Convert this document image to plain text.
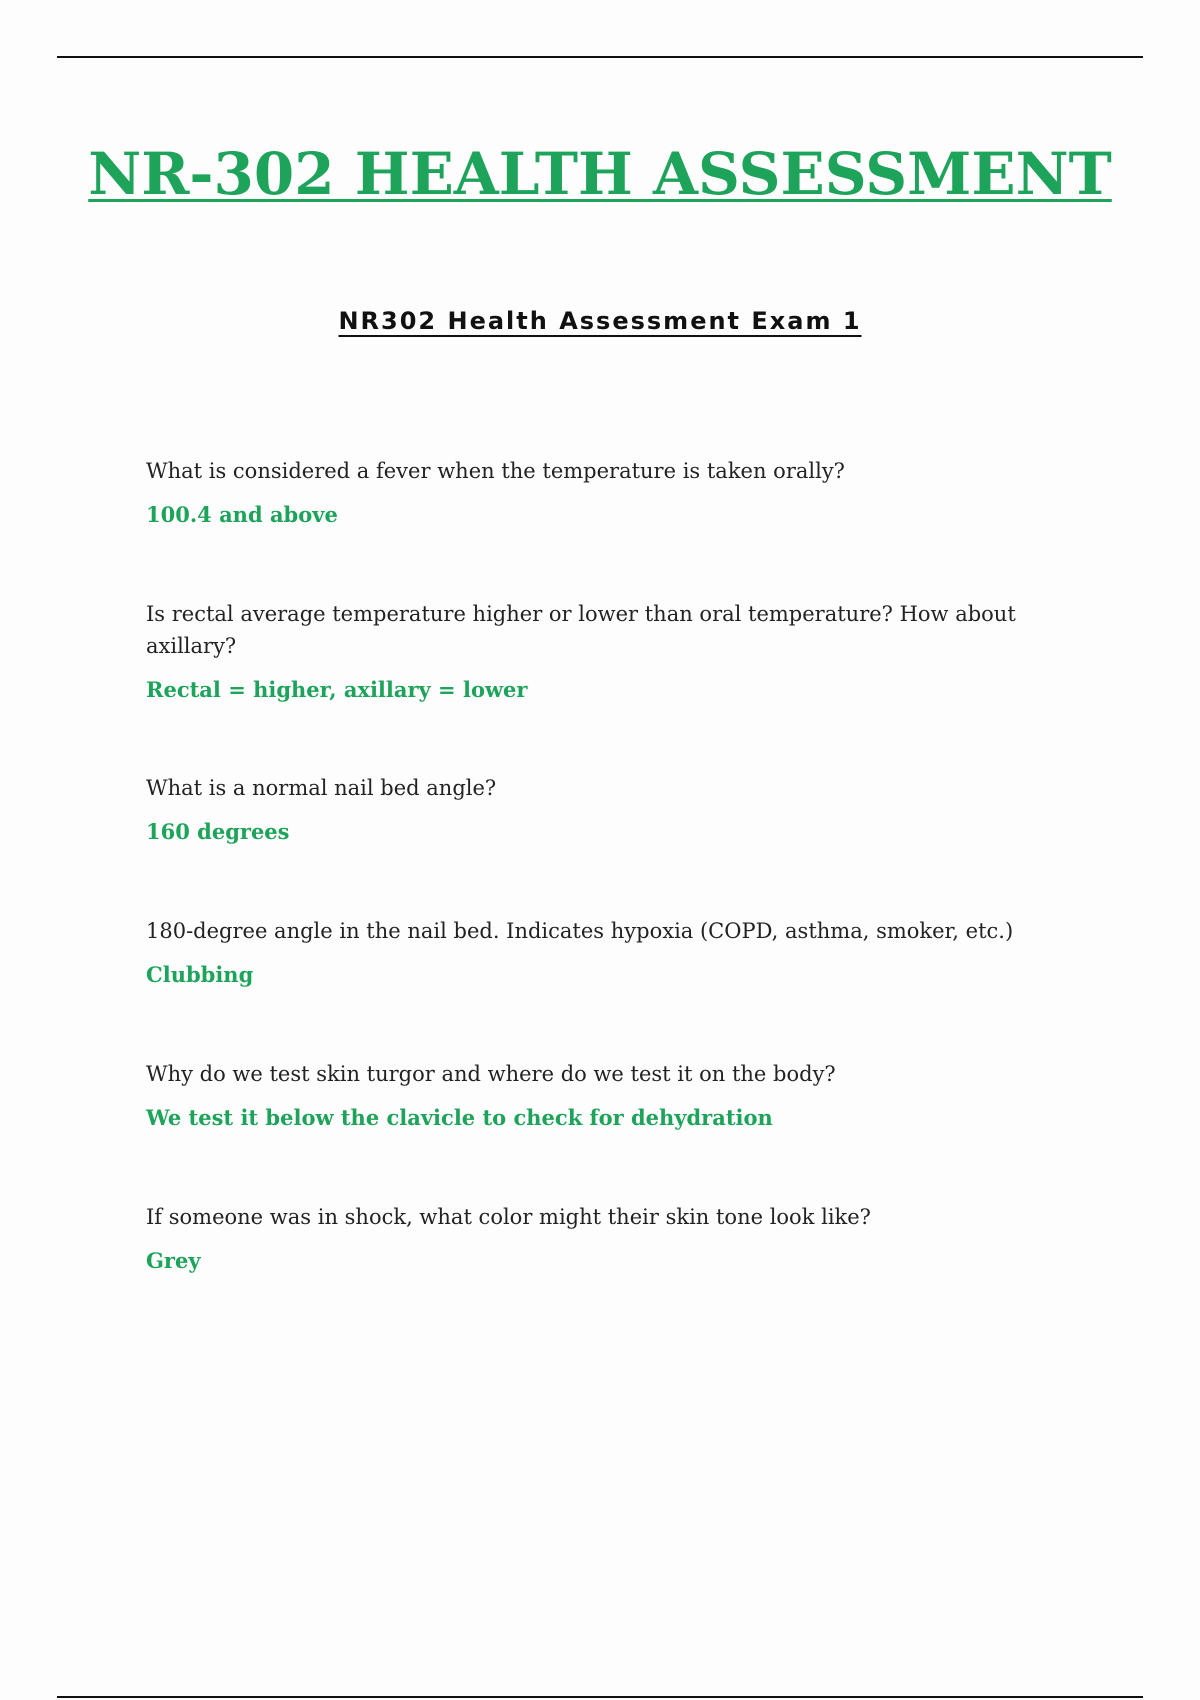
NR-302 HEALTH ASSESSMENT
NR302 Health Assessment Exam 1

What is considered a fever when the temperature is taken orally?

100.4 and above

Is rectal average temperature higher or lower than oral temperature? How about axillary?

Rectal = higher, axillary = lower

What is a normal nail bed angle?

160 degrees

180-degree angle in the nail bed. Indicates hypoxia (COPD, asthma, smoker, etc.)

Clubbing

Why do we test skin turgor and where do we test it on the body?

We test it below the clavicle to check for dehydration

If someone was in shock, what color might their skin tone look like?

Grey
